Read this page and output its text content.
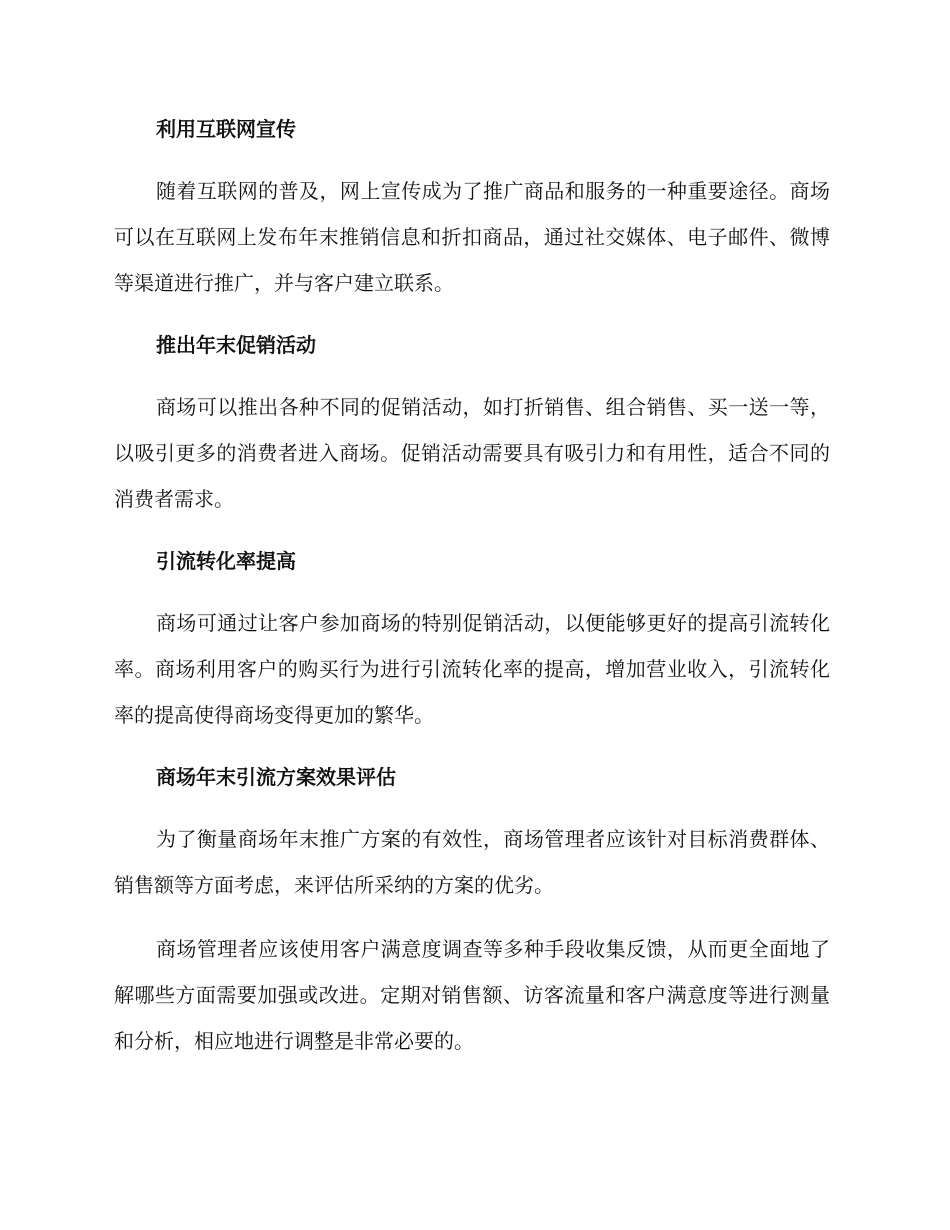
利用互联网宣传

随着互联网的普及，网上宣传成为了推广商品和服务的一种重要途径。商场可以在互联网上发布年末推销信息和折扣商品，通过社交媒体、电子邮件、微博等渠道进行推广，并与客户建立联系。

推出年末促销活动

商场可以推出各种不同的促销活动，如打折销售、组合销售、买一送一等，以吸引更多的消费者进入商场。促销活动需要具有吸引力和有用性，适合不同的消费者需求。

引流转化率提高

商场可通过让客户参加商场的特别促销活动，以便能够更好的提高引流转化率。商场利用客户的购买行为进行引流转化率的提高，增加营业收入，引流转化率的提高使得商场变得更加的繁华。

商场年末引流方案效果评估

为了衡量商场年末推广方案的有效性，商场管理者应该针对目标消费群体、销售额等方面考虑，来评估所采纳的方案的优劣。

商场管理者应该使用客户满意度调查等多种手段收集反馈，从而更全面地了解哪些方面需要加强或改进。定期对销售额、访客流量和客户满意度等进行测量和分析，相应地进行调整是非常必要的。
